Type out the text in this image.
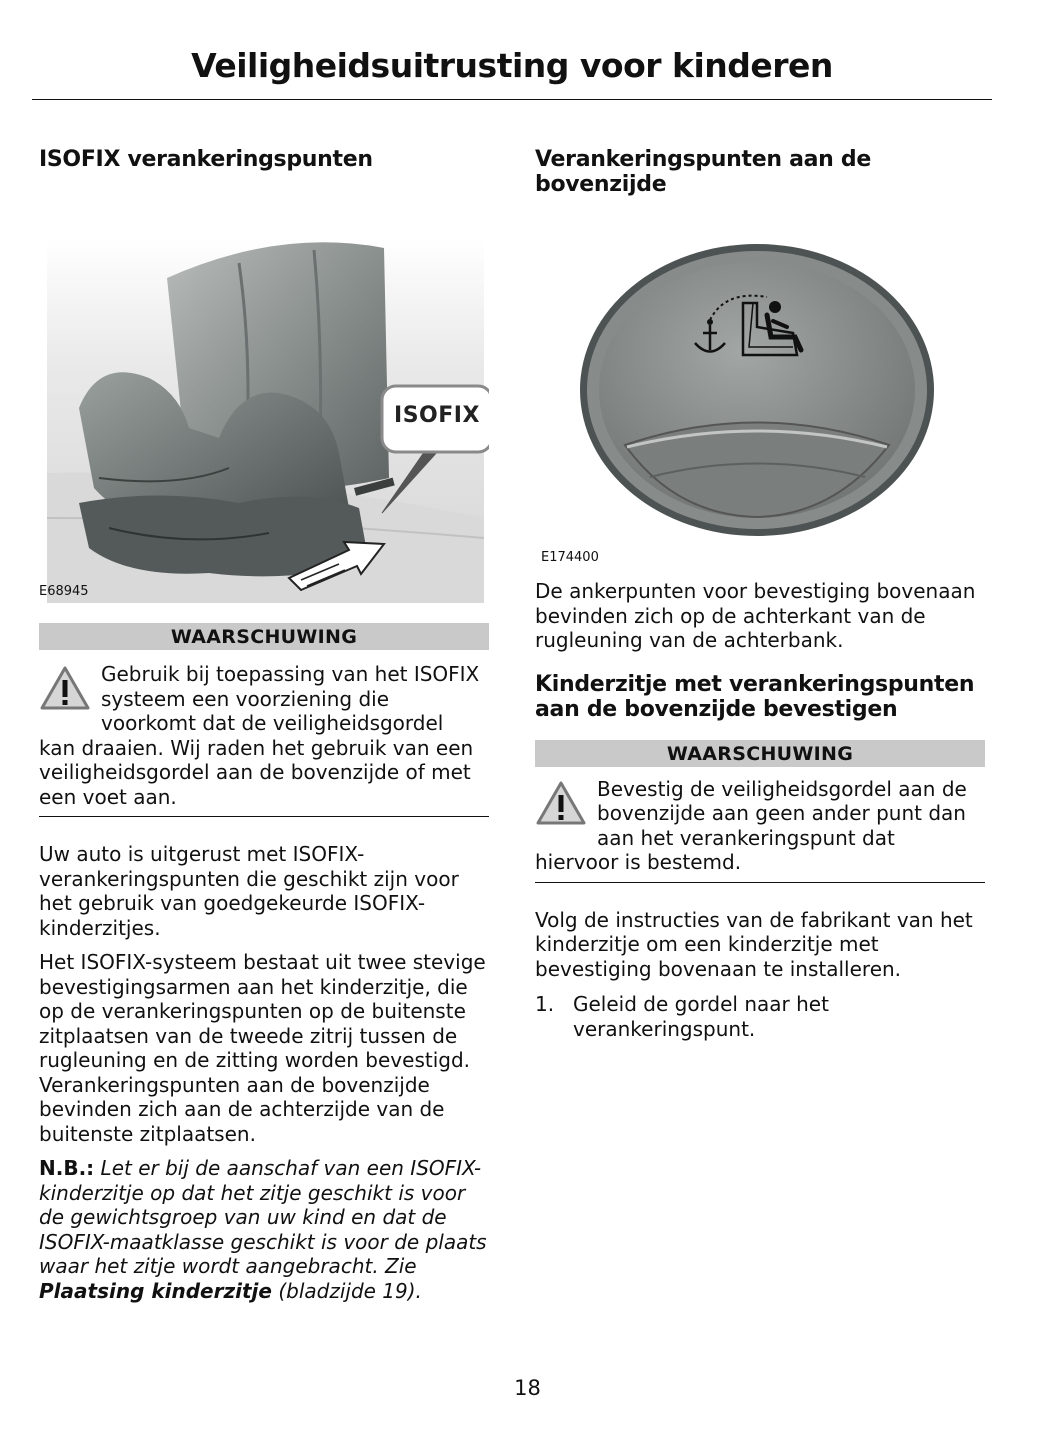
Veiligheidsuitrusting voor kinderen
ISOFIX verankeringspunten
ISOFIX
E68945
WAARSCHUWING

Gebruik bij toepassing van het ISOFIX

systeem een voorziening die

voorkomt dat de veiligheidsgordel

kan draaien. Wij raden het gebruik van een veiligheidsgordel aan de bovenzijde of met een voet aan.

Uw auto is uitgerust met ISOFIX-verankeringspunten die geschikt zijn voor het gebruik van goedgekeurde ISOFIX-kinderzitjes.

Het ISOFIX-systeem bestaat uit twee stevige bevestigingsarmen aan het kinderzitje, die op de verankeringspunten op de buitenste zitplaatsen van de tweede zitrij tussen de rugleuning en de zitting worden bevestigd. Verankeringspunten aan de bovenzijde bevinden zich aan de achterzijde van de buitenste zitplaatsen.

N.B.: Let er bij de aanschaf van een ISOFIX-kinderzitje op dat het zitje geschikt is voor de gewichtsgroep van uw kind en dat de ISOFIX-maatklasse geschikt is voor de plaats waar het zitje wordt aangebracht. Zie Plaatsing kinderzitje (bladzijde 19).

Verankeringspunten aan de bovenzijde
E174400

De ankerpunten voor bevestiging bovenaan bevinden zich op de achterkant van de rugleuning van de achterbank.

Kinderzitje met verankeringspunten aan de bovenzijde bevestigen
WAARSCHUWING

Bevestig de veiligheidsgordel aan de

bovenzijde aan geen ander punt dan

aan het verankeringspunt dat

hiervoor is bestemd.

Volg de instructies van de fabrikant van het kinderzitje om een kinderzitje met bevestiging bovenaan te installeren.

1. Geleid de gordel naar het verankeringspunt.
18
